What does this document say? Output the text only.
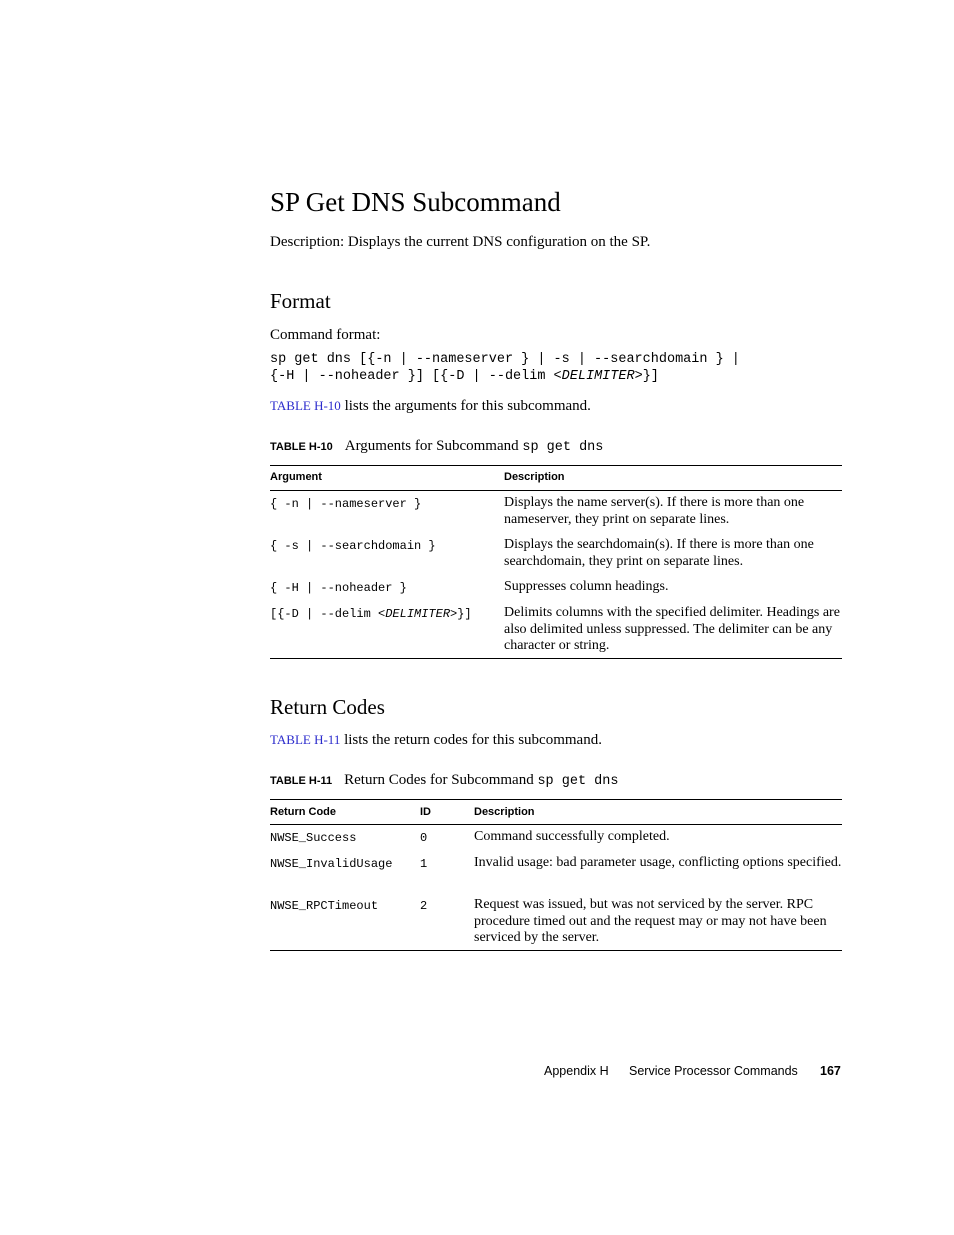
SP Get DNS Subcommand
Description: Displays the current DNS configuration on the SP.
Format
Command format:
sp get dns [{-n | --nameserver } | -s | --searchdomain } |
{-H | --noheader }] [{-D | --delim <DELIMITER>}]
TABLE H-10 lists the arguments for this subcommand.
TABLE H-10 Arguments for Subcommand sp get dns
Argument	Description
{ -n | --nameserver }	Displays the name server(s). If there is more than one nameserver, they print on separate lines.
{ -s | --searchdomain }	Displays the searchdomain(s). If there is more than one searchdomain, they print on separate lines.
{ -H | --noheader }	Suppresses column headings.
[{-D | --delim <DELIMITER>}] Delimits columns with the specified delimiter. Headings are also delimited unless suppressed. The delimiter can be any character or string.
Return Codes
TABLE H-11 lists the return codes for this subcommand.
TABLE H-11 Return Codes for Subcommand sp get dns
Return Code	ID	Description
NWSE_Success	0	Command successfully completed.
NWSE_InvalidUsage 1	Invalid usage: bad parameter usage, conflicting options specified.
NWSE_RPCTimeout	2	Request was issued, but was not serviced by the server. RPC procedure timed out and the request may or may not have been serviced by the server.
Appendix H Service Processor Commands 167
